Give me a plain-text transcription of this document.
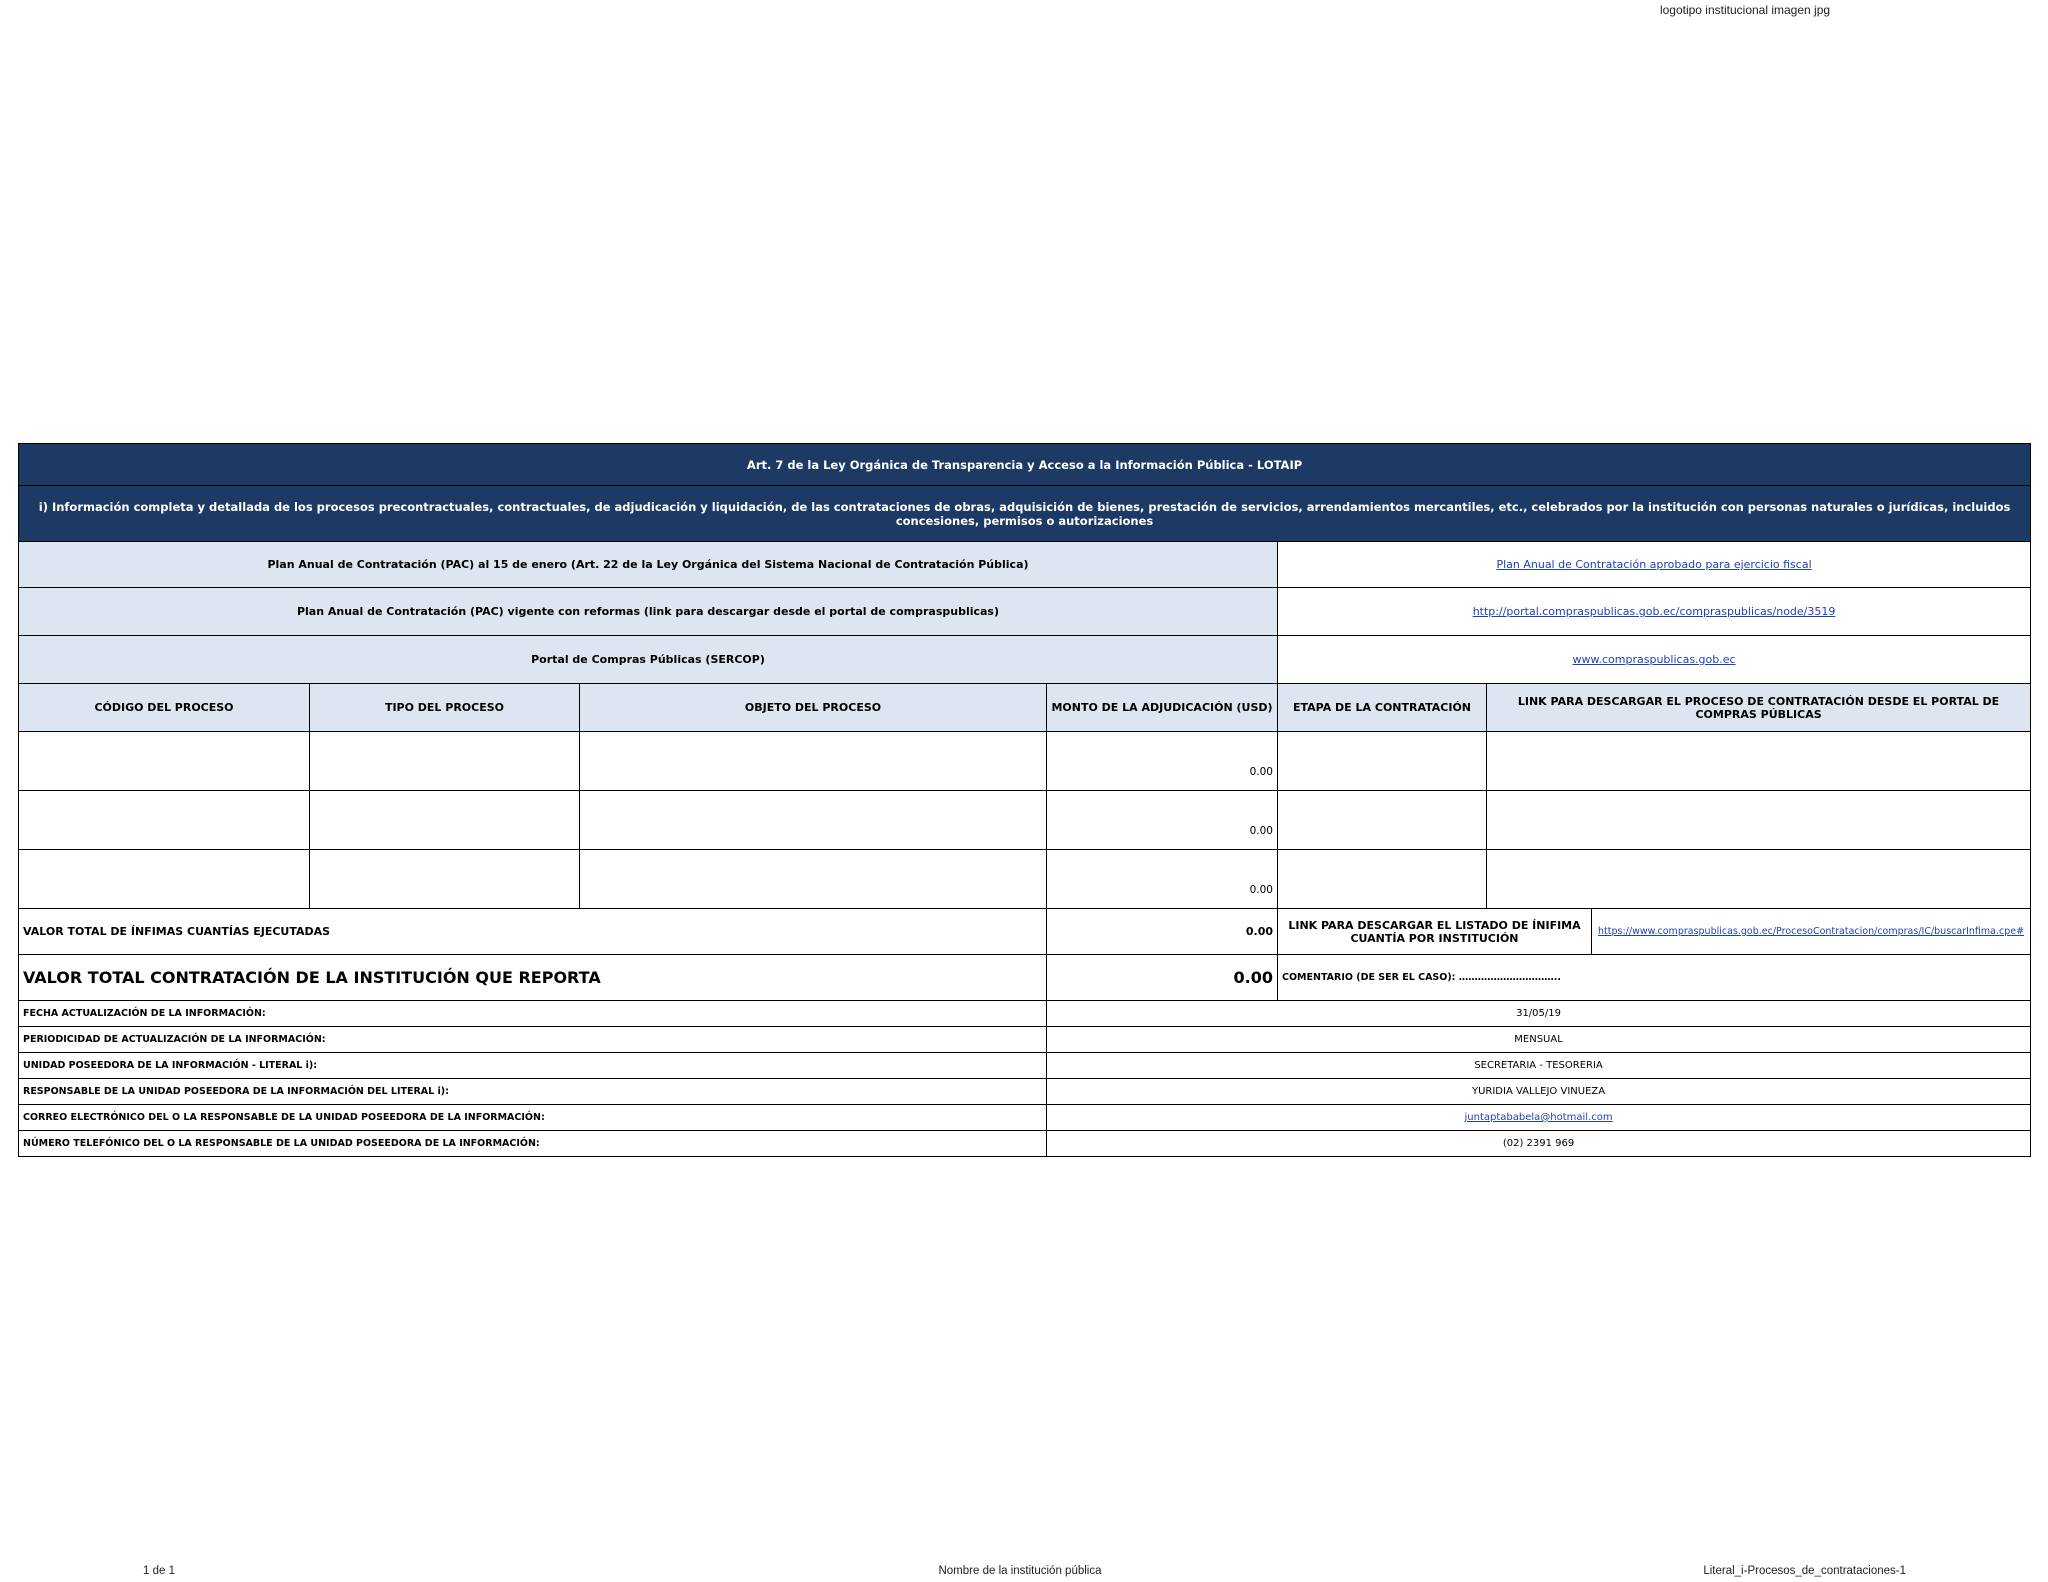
logotipo institucional imagen jpg
Art. 7 de la Ley Orgánica de Transparencia y Acceso a la Información Pública - LOTAIP						
i) Información completa y detallada de los procesos precontractuales, contractuales, de adjudicación y liquidación, de las contrataciones de obras, adquisición de bienes, prestación de servicios, arrendamientos mercantiles, etc., celebrados por la institución con personas naturales o jurídicas, incluidos concesiones, permisos o autorizaciones						
Plan Anual de Contratación (PAC) al 15 de enero (Art. 22 de la Ley Orgánica del Sistema Nacional de Contratación Pública)				Plan Anual de Contratación aprobado para ejercicio fiscal		
Plan Anual de Contratación (PAC) vigente con reformas (link para descargar desde el portal de compraspublicas)				http://portal.compraspublicas.gob.ec/compraspublicas/node/3519		
Portal de Compras Públicas (SERCOP)				www.compraspublicas.gob.ec		
CÓDIGO DEL PROCESO	TIPO DEL PROCESO	OBJETO DEL PROCESO	MONTO DE LA ADJUDICACIÓN (USD)	ETAPA DE LA CONTRATACIÓN	LINK PARA DESCARGAR EL PROCESO DE CONTRATACIÓN DESDE EL PORTAL DE COMPRAS PÚBLICAS	
			0.00			
			0.00			
			0.00			
VALOR TOTAL DE ÍNFIMAS CUANTÍAS EJECUTADAS			0.00	LINK PARA DESCARGAR EL LISTADO DE ÍNIFIMA CUANTÍA POR INSTITUCIÓN		https://www.compraspublicas.gob.ec/ProcesoContratacion/compras/IC/buscarInfima.cpe#
VALOR TOTAL CONTRATACIÓN DE LA INSTITUCIÓN QUE REPORTA			0.00	COMENTARIO (DE SER EL CASO): …………………………..		
FECHA ACTUALIZACIÓN DE LA INFORMACIÓN:			31/05/19			
PERIODICIDAD DE ACTUALIZACIÓN DE LA INFORMACIÓN:			MENSUAL			
UNIDAD POSEEDORA DE LA INFORMACIÓN - LITERAL i):			SECRETARIA - TESORERIA			
RESPONSABLE DE LA UNIDAD POSEEDORA DE LA INFORMACIÓN DEL LITERAL i):			YURIDIA VALLEJO VINUEZA			
CORREO ELECTRÓNICO DEL O LA RESPONSABLE DE LA UNIDAD POSEEDORA DE LA INFORMACIÓN:			juntaptababela@hotmail.com			
NÚMERO TELEFÓNICO DEL O LA RESPONSABLE DE LA UNIDAD POSEEDORA DE LA INFORMACIÓN:			(02) 2391 969			
1 de 1	Nombre de la institución pública	Literal_i-Procesos_de_contrataciones-1
